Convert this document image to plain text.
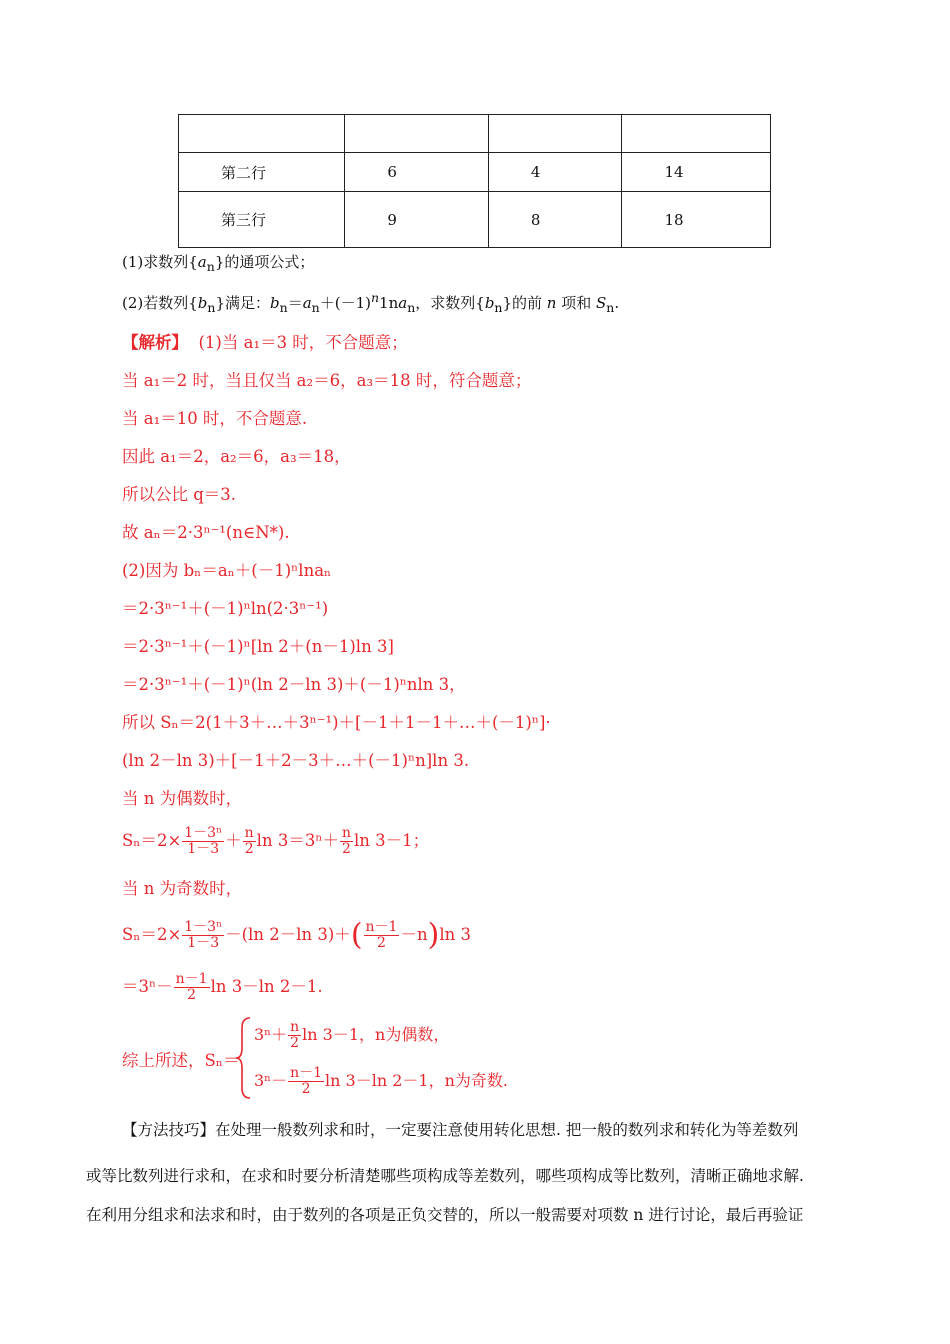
第二行	6	4	14
第三行	9	8	18
(1)求数列$\{a_n\}$的通项公式；
(2)若数列$\{b_n\}$满足：$b_n=a_n+(-1)^n1na_n$，求数列$\{b_n\}$的前 n 项和 $S_n$.
【解析】 (1)当 a₁＝3 时，不合题意；
当 a₁＝2 时，当且仅当 a₂＝6，a₃＝18 时，符合题意；
当 a₁＝10 时，不合题意.
因此 a₁＝2，a₂＝6，a₃＝18，
所以公比 q＝3.
故 aₙ＝2·3ⁿ⁻¹(n∈N*).
(2)因为 bₙ＝aₙ＋(－1)ⁿlnaₙ
＝2·3ⁿ⁻¹＋(－1)ⁿln(2·3ⁿ⁻¹)
＝2·3ⁿ⁻¹＋(－1)ⁿ[ln 2＋(n－1)ln 3]
＝2·3ⁿ⁻¹＋(－1)ⁿ(ln 2－ln 3)＋(－1)ⁿnln 3，
所以 Sₙ＝2(1＋3＋…＋3ⁿ⁻¹)＋[－1＋1－1＋…＋(－1)ⁿ]·
(ln 2－ln 3)＋[－1＋2－3＋…＋(－1)ⁿn]ln 3.
当 n 为偶数时，
$S_n=2\times \frac{\text{1－3ⁿ}}{1-3} + \frac{n}{2}$ $\ln 3=3^n+ \frac{n}{2}$ ln 3－1；
当 n 为奇数时，
$S_n=2\times \frac{\text{1－3ⁿ}}{1-3} -(\ln$ 2－ln $3)+( \frac{n-1}{2} -n)\ln$ 3
$=3^n- \frac{n-1}{2}$ ln 3－ln 2－1.
综上所述，Sₙ＝
$3^n+ \frac{n}{2}$ ln 3－1，n为偶数，
$3^n- \frac{n-1}{2}$ ln 3－ln 2－1，n为奇数.
【方法技巧】在处理一般数列求和时，一定要注意使用转化思想. 把一般的数列求和转化为等差数列
或等比数列进行求和，在求和时要分析清楚哪些项构成等差数列，哪些项构成等比数列，清晰正确地求解.
在利用分组求和法求和时，由于数列的各项是正负交替的，所以一般需要对项数 n 进行讨论，最后再验证
